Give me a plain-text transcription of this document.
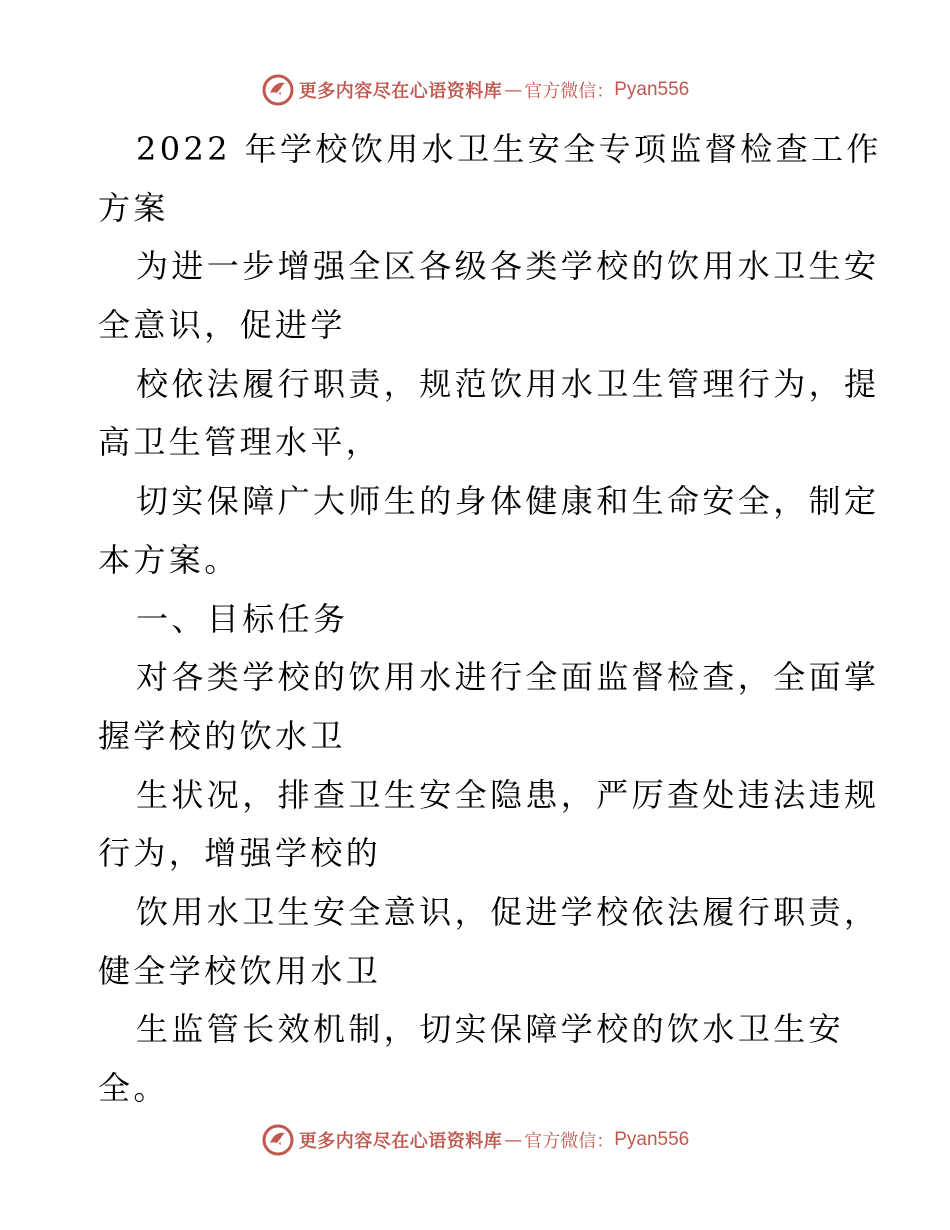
更多内容尽在心语资料库 — 官方微信： Pyan556
2022 年学校饮用水卫生安全专项监督检查工作
方案
为进一步增强全区各级各类学校的饮用水卫生安
全意识，促进学
校依法履行职责，规范饮用水卫生管理行为，提
高卫生管理水平，
切实保障广大师生的身体健康和生命安全，制定
本方案。
一、目标任务
对各类学校的饮用水进行全面监督检查，全面掌
握学校的饮水卫
生状况，排查卫生安全隐患，严厉查处违法违规
行为，增强学校的
饮用水卫生安全意识，促进学校依法履行职责，
健全学校饮用水卫
生监管长效机制，切实保障学校的饮水卫生安
全。
更多内容尽在心语资料库 — 官方微信： Pyan556
